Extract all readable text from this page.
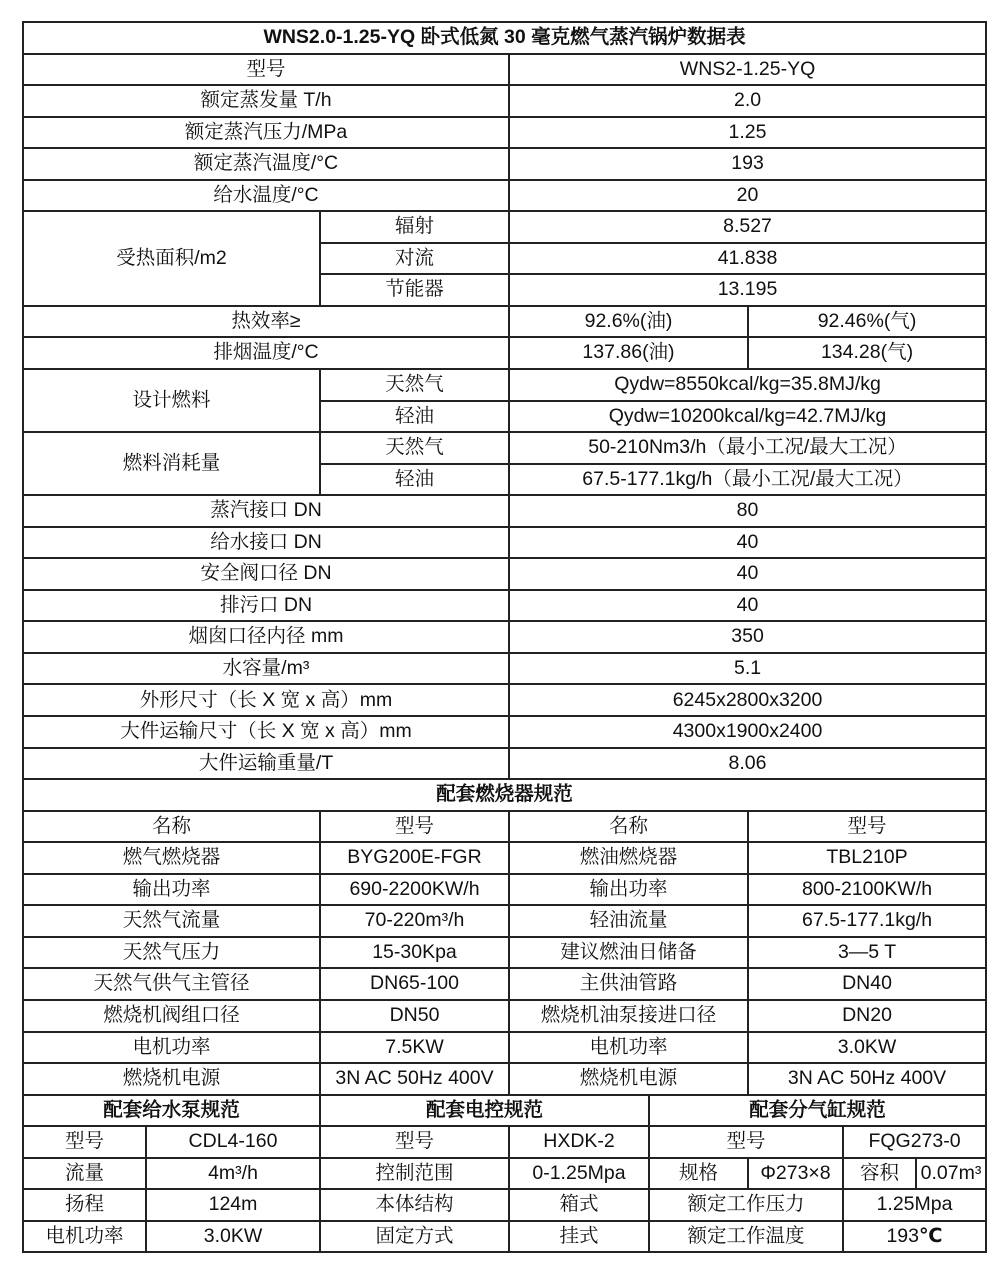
WNS2.0-1.25-YQ 卧式低氮 30 毫克燃气蒸汽锅炉数据表							
型号			WNS2-1.25-YQ				
额定蒸发量 T/h			2.0				
额定蒸汽压力/MPa			1.25				
额定蒸汽温度/°C			193				
给水温度/°C			20				
受热面积/m2		辐射	8.527				
		对流	41.838				
		节能器	13.195				
热效率≥			92.6%(油)		92.46%(气)		
排烟温度/°C			137.86(油)		134.28(气)		
设计燃料		天然气	Qydw=8550kcal/kg=35.8MJ/kg				
		轻油	Qydw=10200kcal/kg=42.7MJ/kg				
燃料消耗量		天然气	50-210Nm3/h（最小工况/最大工况）				
		轻油	67.5-177.1kg/h（最小工况/最大工况）				
蒸汽接口 DN			80				
给水接口 DN			40				
安全阀口径 DN			40				
排污口 DN			40				
烟囱口径内径 mm			350				
水容量/m³			5.1				
外形尺寸（长 X 宽 x 高）mm			6245x2800x3200				
大件运输尺寸（长 X 宽 x 高）mm			4300x1900x2400				
大件运输重量/T			8.06				
配套燃烧器规范							
名称		型号	名称		型号		
燃气燃烧器		BYG200E-FGR	燃油燃烧器		TBL210P		
输出功率		690-2200KW/h	输出功率		800-2100KW/h		
天然气流量		70-220m³/h	轻油流量		67.5-177.1kg/h		
天然气压力		15-30Kpa	建议燃油日储备		3—5 T		
天然气供气主管径		DN65-100	主供油管路		DN40		
燃烧机阀组口径		DN50	燃烧机油泵接进口径		DN20		
电机功率		7.5KW	电机功率		3.0KW		
燃烧机电源		3N AC 50Hz 400V	燃烧机电源		3N AC 50Hz 400V		
配套给水泵规范		配套电控规范		配套分气缸规范			
型号	CDL4-160	型号	HXDK-2	型号		FQG273-0	
流量	4m³/h	控制范围	0-1.25Mpa	规格	Φ273×8	容积	0.07m³
扬程	124m	本体结构	箱式	额定工作压力		1.25Mpa	
电机功率	3.0KW	固定方式	挂式	额定工作温度		193℃	
